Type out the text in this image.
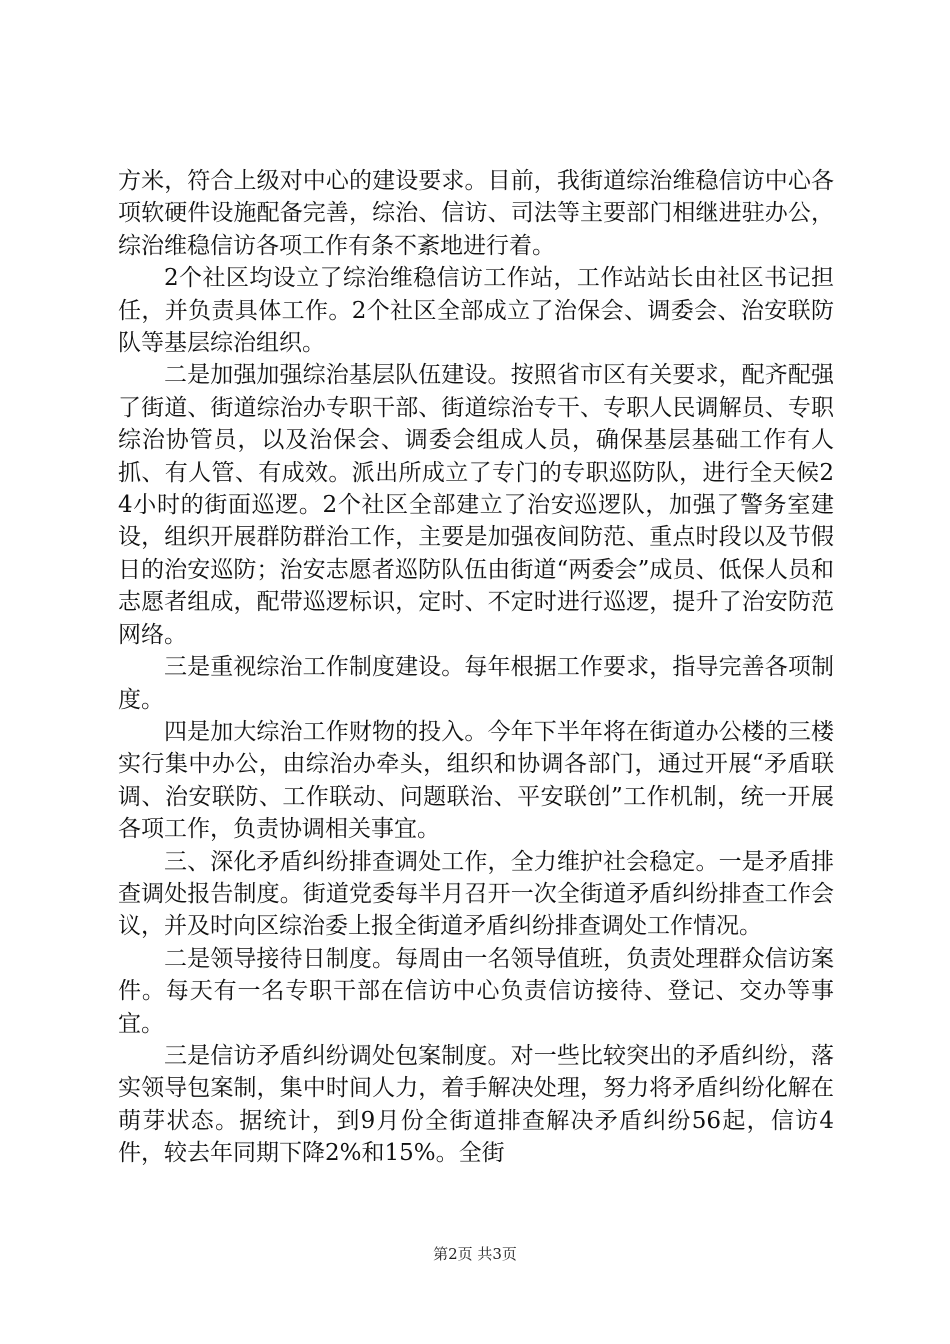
方米，符合上级对中心的建设要求。目前，我街道综治维稳信访中心各项软硬件设施配备完善，综治、信访、司法等主要部门相继进驻办公，综治维稳信访各项工作有条不紊地进行着。

2个社区均设立了综治维稳信访工作站，工作站站长由社区书记担任，并负责具体工作。2个社区全部成立了治保会、调委会、治安联防队等基层综治组织。

二是加强加强综治基层队伍建设。按照省市区有关要求，配齐配强了街道、街道综治办专职干部、街道综治专干、专职人民调解员、专职综治协管员，以及治保会、调委会组成人员，确保基层基础工作有人抓、有人管、有成效。派出所成立了专门的专职巡防队，进行全天候24小时的街面巡逻。2个社区全部建立了治安巡逻队，加强了警务室建设，组织开展群防群治工作，主要是加强夜间防范、重点时段以及节假日的治安巡防；治安志愿者巡防队伍由街道“两委会”成员、低保人员和志愿者组成，配带巡逻标识，定时、不定时进行巡逻，提升了治安防范网络。

三是重视综治工作制度建设。每年根据工作要求，指导完善各项制度。

四是加大综治工作财物的投入。今年下半年将在街道办公楼的三楼实行集中办公，由综治办牵头，组织和协调各部门，通过开展“矛盾联调、治安联防、工作联动、问题联治、平安联创”工作机制，统一开展各项工作，负责协调相关事宜。

三、深化矛盾纠纷排查调处工作，全力维护社会稳定。一是矛盾排查调处报告制度。街道党委每半月召开一次全街道矛盾纠纷排查工作会议，并及时向区综治委上报全街道矛盾纠纷排查调处工作情况。

二是领导接待日制度。每周由一名领导值班，负责处理群众信访案件。每天有一名专职干部在信访中心负责信访接待、登记、交办等事宜。

三是信访矛盾纠纷调处包案制度。对一些比较突出的矛盾纠纷，落实领导包案制，集中时间人力，着手解决处理，努力将矛盾纠纷化解在萌芽状态。据统计，到9月份全街道排查解决矛盾纠纷56起，信访4件，较去年同期下降2%和15%。全街

第2页 共3页
